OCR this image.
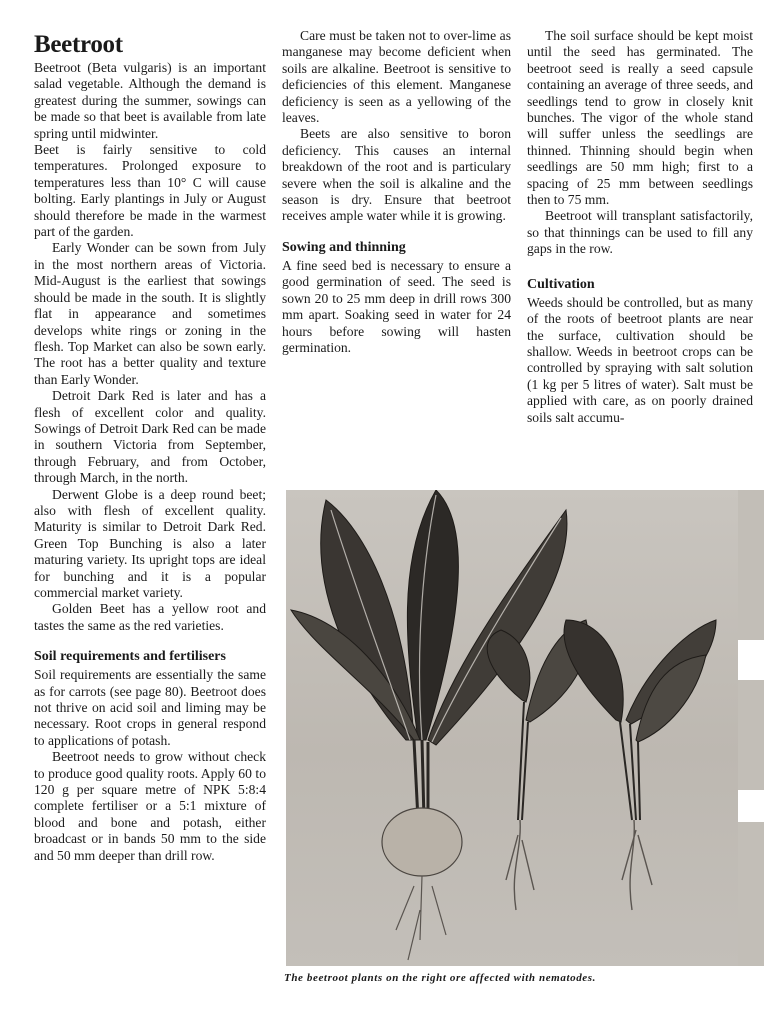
Beetroot

Beetroot (Beta vulgaris) is an important salad vegetable. Although the demand is greatest during the summer, sowings can be made so that beet is available from late spring until midwinter.

Beet is fairly sensitive to cold temperatures. Prolonged exposure to temperatures less than 10° C will cause bolting. Early plantings in July or August should therefore be made in the warmest part of the garden.

Early Wonder can be sown from July in the most northern areas of Victoria. Mid-August is the earliest that sowings should be made in the south. It is slightly flat in appearance and sometimes develops white rings or zoning in the flesh. Top Market can also be sown early. The root has a better quality and texture than Early Wonder.

Detroit Dark Red is later and has a flesh of excellent color and quality. Sowings of Detroit Dark Red can be made in southern Victoria from September, through February, and from October, through March, in the north.

Derwent Globe is a deep round beet; also with flesh of excellent quality. Maturity is similar to Detroit Dark Red. Green Top Bunching is also a later maturing variety. Its upright tops are ideal for bunching and it is a popular commercial market variety.

Golden Beet has a yellow root and tastes the same as the red varieties.

Soil requirements and fertilisers

Soil requirements are essentially the same as for carrots (see page 80). Beetroot does not thrive on acid soil and liming may be necessary. Root crops in general respond to applications of potash.

Beetroot needs to grow without check to produce good quality roots. Apply 60 to 120 g per square metre of NPK 5:8:4 complete fertiliser or a 5:1 mixture of blood and bone and potash, either broadcast or in bands 50 mm to the side and 50 mm deeper than drill row.

Care must be taken not to over-lime as manganese may become deficient when soils are alkaline. Beetroot is sensitive to deficiencies of this element. Manganese deficiency is seen as a yellowing of the leaves.

Beets are also sensitive to boron deficiency. This causes an internal breakdown of the root and is particulary severe when the soil is alkaline and the season is dry. Ensure that beetroot receives ample water while it is growing.

Sowing and thinning

A fine seed bed is necessary to ensure a good germination of seed. The seed is sown 20 to 25 mm deep in drill rows 300 mm apart. Soaking seed in water for 24 hours before sowing will hasten germination.

The soil surface should be kept moist until the seed has germinated. The beetroot seed is really a seed capsule containing an average of three seeds, and seedlings tend to grow in closely knit bunches. The vigor of the whole stand will suffer unless the seedlings are thinned. Thinning should begin when seedlings are 50 mm high; first to a spacing of 25 mm between seedlings then to 75 mm.

Beetroot will transplant satisfactorily, so that thinnings can be used to fill any gaps in the row.

Cultivation

Weeds should be controlled, but as many of the roots of beetroot plants are near the surface, cultivation should be shallow. Weeds in beetroot crops can be controlled by spraying with salt solution (1 kg per 5 litres of water). Salt must be applied with care, as on poorly drained soils salt accumu-

The beetroot plants on the right ore affected with nematodes.
